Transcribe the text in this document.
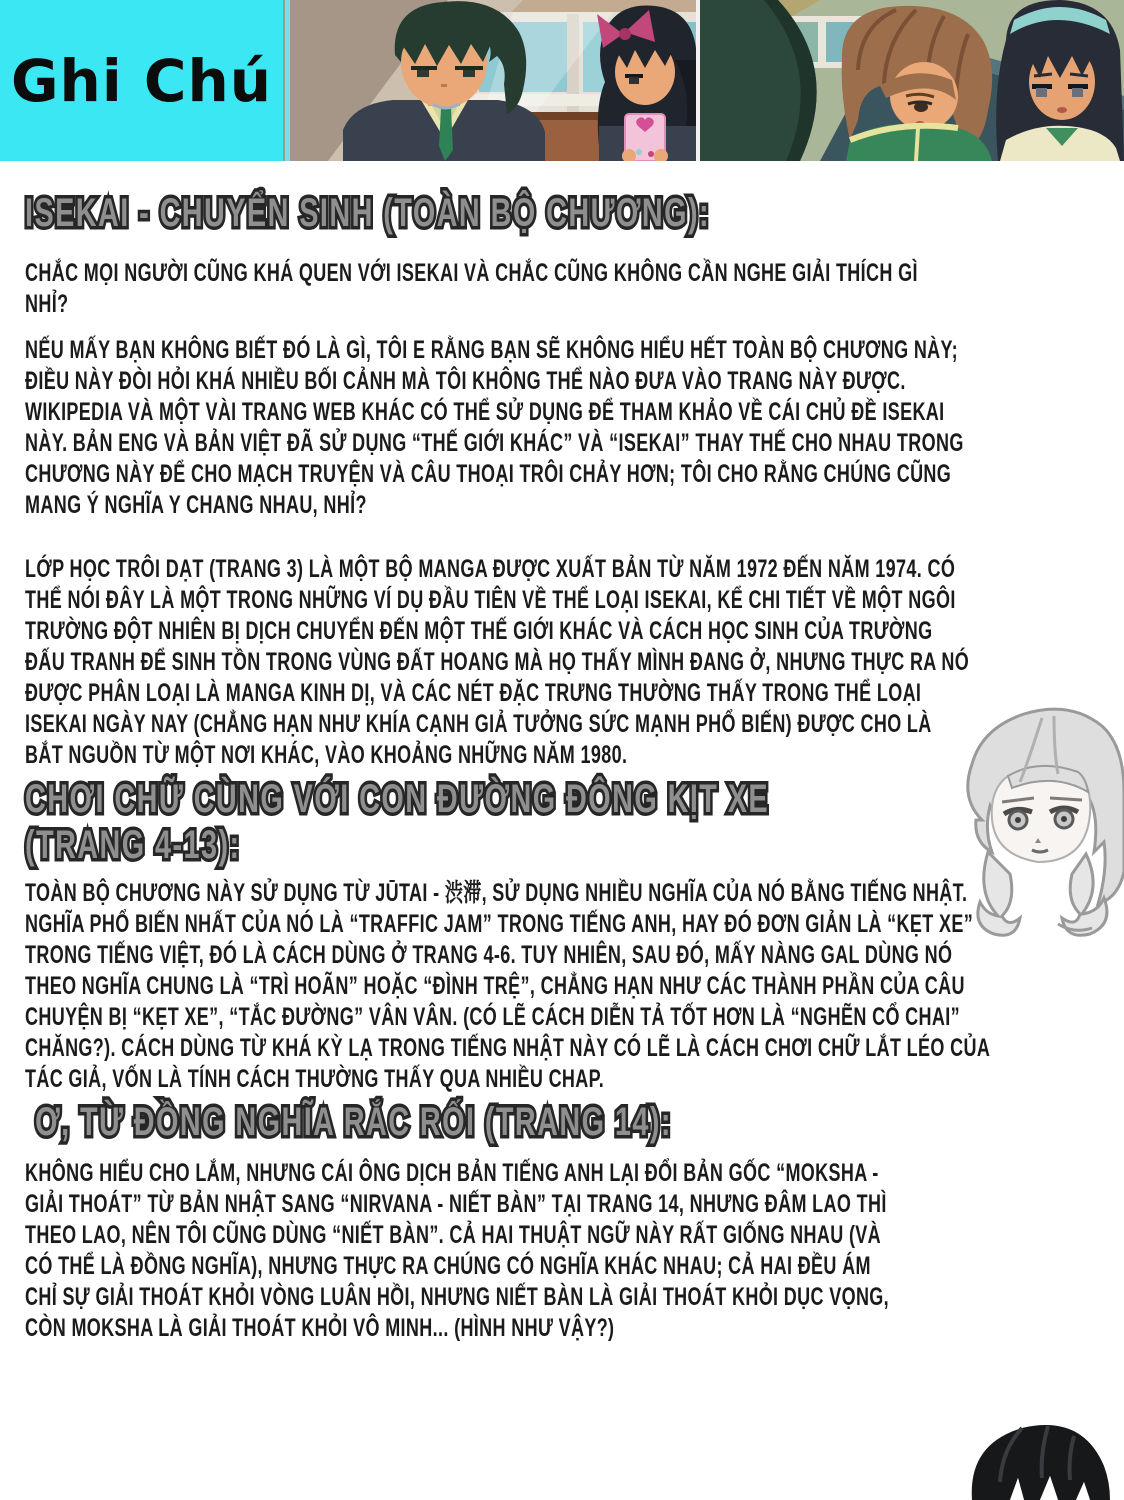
Ghi Chú
ISEKAI - CHUYỂN SINH (TOÀN BỘ CHƯƠNG):

CHẮC MỌI NGƯỜI CŨNG KHÁ QUEN VỚI ISEKAI VÀ CHẮC CŨNG KHÔNG CẦN NGHE GIẢI THÍCH GÌ NHỈ?

NẾU MẤY BẠN KHÔNG BIẾT ĐÓ LÀ GÌ, TÔI E RẰNG BẠN SẼ KHÔNG HIỂU HẾT TOÀN BỘ CHƯƠNG NÀY; ĐIỀU NÀY ĐÒI HỎI KHÁ NHIỀU BỐI CẢNH MÀ TÔI KHÔNG THỂ NÀO ĐƯA VÀO TRANG NÀY ĐƯỢC. WIKIPEDIA VÀ MỘT VÀI TRANG WEB KHÁC CÓ THỂ SỬ DỤNG ĐỂ THAM KHẢO VỀ CÁI CHỦ ĐỀ ISEKAI NÀY. BẢN ENG VÀ BẢN VIỆT ĐÃ SỬ DỤNG “THẾ GIỚI KHÁC” VÀ “ISEKAI” THAY THẾ CHO NHAU TRONG CHƯƠNG NÀY ĐỂ CHO MẠCH TRUYỆN VÀ CÂU THOẠI TRÔI CHẢY HƠN; TÔI CHO RẰNG CHÚNG CŨNG MANG Ý NGHĨA Y CHANG NHAU, NHỈ?

LỚP HỌC TRÔI DẠT (TRANG 3) LÀ MỘT BỘ MANGA ĐƯỢC XUẤT BẢN TỪ NĂM 1972 ĐẾN NĂM 1974. CÓ THỂ NÓI ĐÂY LÀ MỘT TRONG NHỮNG VÍ DỤ ĐẦU TIÊN VỀ THỂ LOẠI ISEKAI, KỂ CHI TIẾT VỀ MỘT NGÔI TRƯỜNG ĐỘT NHIÊN BỊ DỊCH CHUYỂN ĐẾN MỘT THẾ GIỚI KHÁC VÀ CÁCH HỌC SINH CỦA TRƯỜNG ĐẤU TRANH ĐỂ SINH TỒN TRONG VÙNG ĐẤT HOANG MÀ HỌ THẤY MÌNH ĐANG Ở, NHƯNG THỰC RA NÓ ĐƯỢC PHÂN LOẠI LÀ MANGA KINH DỊ, VÀ CÁC NÉT ĐẶC TRƯNG THƯỜNG THẤY TRONG THỂ LOẠI ISEKAI NGÀY NAY (CHẲNG HẠN NHƯ KHÍA CẠNH GIẢ TƯỞNG SỨC MẠNH PHỔ BIẾN) ĐƯỢC CHO LÀ BẮT NGUỒN TỪ MỘT NƠI KHÁC, VÀO KHOẢNG NHỮNG NĂM 1980.

CHƠI CHỮ CÙNG VỚI CON ĐƯỜNG ĐÔNG KỊT XE
(TRANG 4-13):

TOÀN BỘ CHƯƠNG NÀY SỬ DỤNG TỪ JŪTAI - 渋滞, SỬ DỤNG NHIỀU NGHĨA CỦA NÓ BẰNG TIẾNG NHẬT. NGHĨA PHỔ BIẾN NHẤT CỦA NÓ LÀ “TRAFFIC JAM” TRONG TIẾNG ANH, HAY ĐÓ ĐƠN GIẢN LÀ “KẸT XE” TRONG TIẾNG VIỆT, ĐÓ LÀ CÁCH DÙNG Ở TRANG 4-6. TUY NHIÊN, SAU ĐÓ, MẤY NÀNG GAL DÙNG NÓ THEO NGHĨA CHUNG LÀ “TRÌ HOÃN” HOẶC “ĐÌNH TRỆ”, CHẲNG HẠN NHƯ CÁC THÀNH PHẦN CỦA CÂU CHUYỆN BỊ “KẸT XE”, “TẮC ĐƯỜNG” VÂN VÂN. (CÓ LẼ CÁCH DIỄN TẢ TỐT HƠN LÀ “NGHẼN CỔ CHAI” CHĂNG?). CÁCH DÙNG TỪ KHÁ KỲ LẠ TRONG TIẾNG NHẬT NÀY CÓ LẼ LÀ CÁCH CHƠI CHỮ LẮT LÉO CỦA TÁC GIẢ, VỐN LÀ TÍNH CÁCH THƯỜNG THẤY QUA NHIỀU CHAP.

Ơ, TỪ ĐỒNG NGHĨA RẮC RỐI (TRANG 14):

KHÔNG HIỂU CHO LẮM, NHƯNG CÁI ÔNG DỊCH BẢN TIẾNG ANH LẠI ĐỔI BẢN GỐC “MOKSHA - GIẢI THOÁT” TỪ BẢN NHẬT SANG “NIRVANA - NIẾT BÀN” TẠI TRANG 14, NHƯNG ĐÂM LAO THÌ THEO LAO, NÊN TÔI CŨNG DÙNG “NIẾT BÀN”. CẢ HAI THUẬT NGỮ NÀY RẤT GIỐNG NHAU (VÀ CÓ THỂ LÀ ĐỒNG NGHĨA), NHƯNG THỰC RA CHÚNG CÓ NGHĨA KHÁC NHAU; CẢ HAI ĐỀU ÁM CHỈ SỰ GIẢI THOÁT KHỎI VÒNG LUÂN HỒI, NHƯNG NIẾT BÀN LÀ GIẢI THOÁT KHỎI DỤC VỌNG, CÒN MOKSHA LÀ GIẢI THOÁT KHỎI VÔ MINH... (HÌNH NHƯ VẬY?)
